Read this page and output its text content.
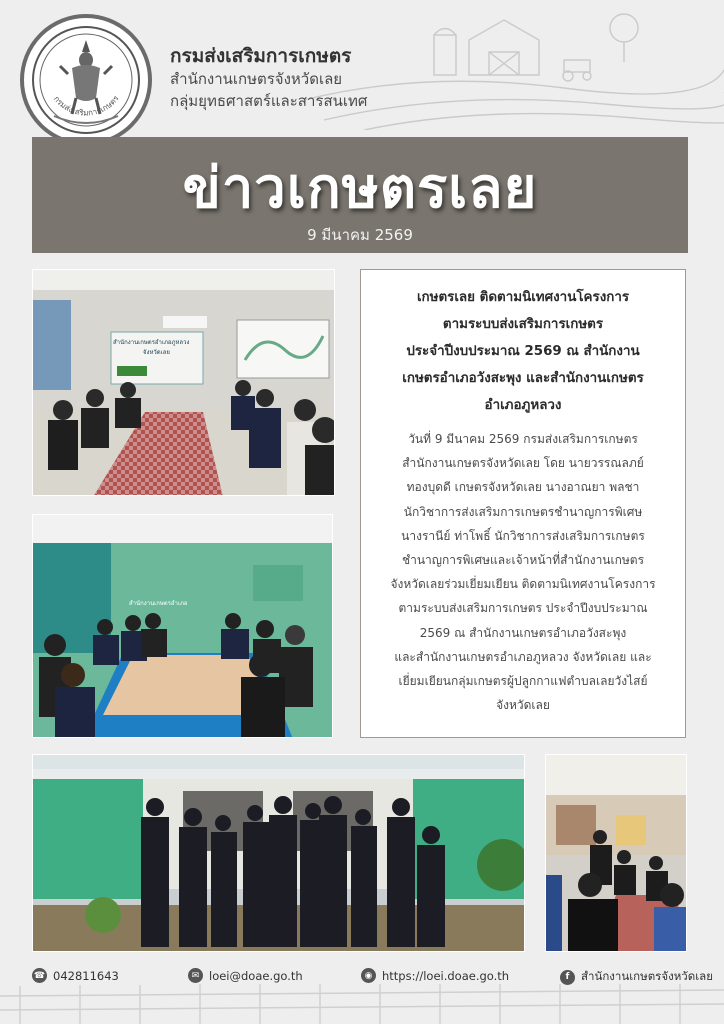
กรมส่งเสริมการเกษตร
กรมส่งเสริมการเกษตร
สำนักงานเกษตรจังหวัดเลย
กลุ่มยุทธศาสตร์และสารสนเทศ
ข่าวเกษตรเลย
9 มีนาคม 2569
สำนักงานเกษตรอำเภอภูหลวง
จังหวัดเลย
สำนักงานเกษตรอำเภอ
เกษตรเลย ติดตามนิเทศงานโครงการ
ตามระบบส่งเสริมการเกษตร
ประจำปีงบประมาณ 2569 ณ สำนักงาน
เกษตรอำเภอวังสะพุง และสำนักงานเกษตร
อำเภอภูหลวง
วันที่ 9 มีนาคม 2569 กรมส่งเสริมการเกษตร
สำนักงานเกษตรจังหวัดเลย โดย นายวรรณลภย์
ทองบุดดี เกษตรจังหวัดเลย นางอาณยา พลชา
นักวิชาการส่งเสริมการเกษตรชำนาญการพิเศษ
นางรานีย์ ท่าโพธิ์ นักวิชาการส่งเสริมการเกษตร
ชำนาญการพิเศษและเจ้าหน้าที่สำนักงานเกษตร
จังหวัดเลยร่วมเยี่ยมเยียน ติดตามนิเทศงานโครงการ
ตามระบบส่งเสริมการเกษตร ประจำปีงบประมาณ
2569 ณ สำนักงานเกษตรอำเภอวังสะพุง
และสำนักงานเกษตรอำเภอภูหลวง จังหวัดเลย และ
เยี่ยมเยียนกลุ่มเกษตรผู้ปลูกกาแฟตำบลเลยวังไสย์
จังหวัดเลย
☎ 042811643	✉ loei@doae.go.th	◉ https://loei.doae.go.th	f	สำนักงานเกษตรจังหวัดเลย
